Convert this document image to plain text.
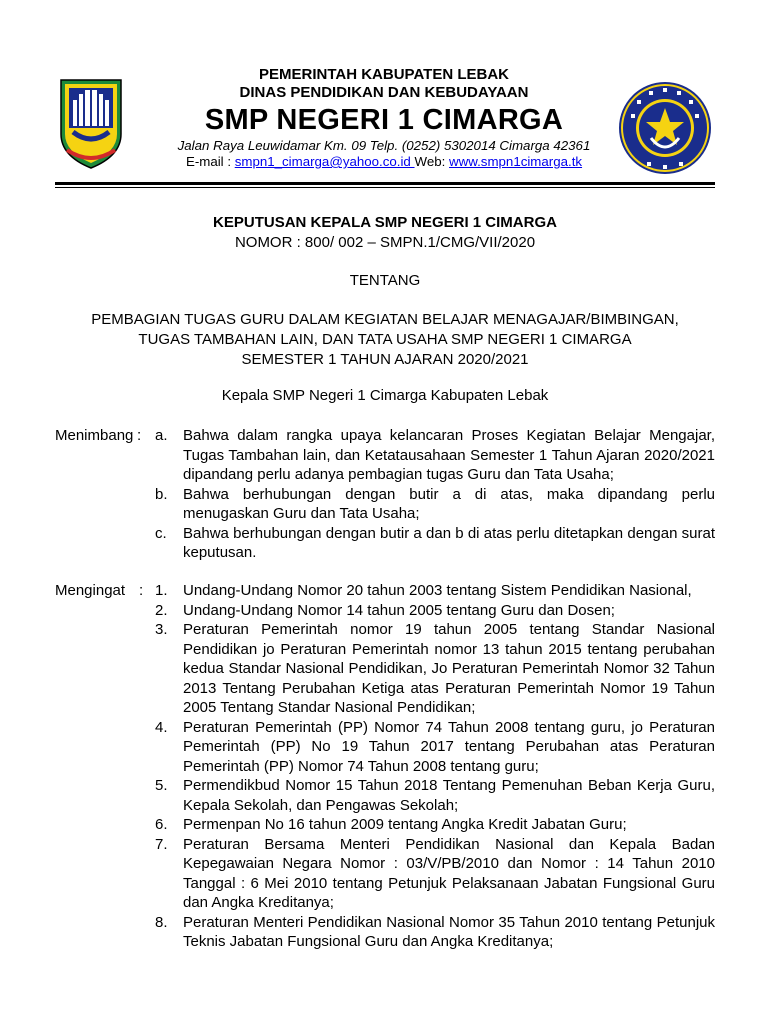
PEMERINTAH KABUPATEN LEBAK
DINAS PENDIDIKAN DAN KEBUDAYAAN
SMP NEGERI 1 CIMARGA
Jalan Raya Leuwidamar Km. 09 Telp. (0252) 5302014 Cimarga 42361
E-mail : smpn1_cimarga@yahoo.co.id Web: www.smpn1cimarga.tk
KEPUTUSAN KEPALA SMP NEGERI 1 CIMARGA
NOMOR : 800/ 002 – SMPN.1/CMG/VII/2020
TENTANG
PEMBAGIAN TUGAS GURU DALAM KEGIATAN BELAJAR MENAGAJAR/BIMBINGAN,
TUGAS TAMBAHAN LAIN, DAN TATA USAHA SMP NEGERI 1 CIMARGA
SEMESTER 1 TAHUN AJARAN 2020/2021
Kepala SMP Negeri 1 Cimarga Kabupaten Lebak
Menimbang : a.	Bahwa dalam rangka upaya kelancaran Proses Kegiatan Belajar Mengajar, Tugas Tambahan lain, dan Ketatausahaan Semester 1 Tahun Ajaran 2020/2021 dipandang perlu adanya pembagian tugas Guru dan Tata Usaha;
b.	Bahwa berhubungan dengan butir a di atas, maka dipandang perlu menugaskan Guru dan Tata Usaha;
c.	Bahwa berhubungan dengan butir a dan b di atas perlu ditetapkan dengan surat keputusan.
Mengingat : 1.	Undang-Undang Nomor 20 tahun 2003 tentang Sistem Pendidikan Nasional,
2.	Undang-Undang Nomor 14 tahun 2005 tentang Guru dan Dosen;
3.	Peraturan Pemerintah nomor 19 tahun 2005 tentang Standar Nasional Pendidikan jo Peraturan Pemerintah nomor 13 tahun 2015 tentang perubahan kedua Standar Nasional Pendidikan, Jo Peraturan Pemerintah Nomor 32 Tahun 2013 Tentang Perubahan Ketiga atas Peraturan Pemerintah Nomor 19 Tahun 2005 Tentang Standar Nasional Pendidikan;
4.	Peraturan Pemerintah (PP) Nomor 74 Tahun 2008 tentang guru, jo Peraturan Pemerintah (PP) No 19 Tahun 2017 tentang Perubahan atas Peraturan Pemerintah (PP) Nomor 74 Tahun 2008 tentang guru;
5.	Permendikbud Nomor 15 Tahun 2018 Tentang Pemenuhan Beban Kerja Guru, Kepala Sekolah, dan Pengawas Sekolah;
6.	Permenpan No 16 tahun 2009 tentang Angka Kredit Jabatan Guru;
7.	Peraturan Bersama Menteri Pendidikan Nasional dan Kepala Badan Kepegawaian Negara Nomor : 03/V/PB/2010 dan Nomor : 14 Tahun 2010 Tanggal : 6 Mei 2010 tentang Petunjuk Pelaksanaan Jabatan Fungsional Guru dan Angka Kreditanya;
8.	Peraturan Menteri Pendidikan Nasional Nomor 35 Tahun 2010 tentang Petunjuk Teknis Jabatan Fungsional Guru dan Angka Kreditanya;
